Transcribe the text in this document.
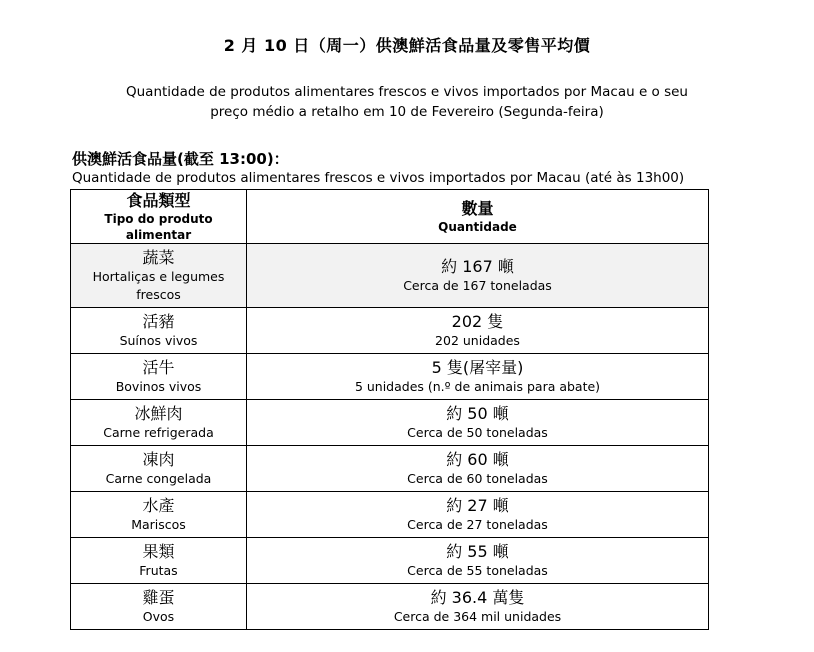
2 月 10 日（周一）供澳鮮活食品量及零售平均價
Quantidade de produtos alimentares frescos e vivos importados por Macau e o seu
preço médio a retalho em 10 de Fevereiro (Segunda-feira)
供澳鮮活食品量(截至 13:00)：
Quantidade de produtos alimentares frescos e vivos importados por Macau (até às 13h00)
食品類型
Tipo do produto alimentar	數量
Quantidade

蔬菜
Hortaliças e legumes frescos	約 167 噸
Cerca de 167 toneladas

活豬
Suínos vivos	202 隻
202 unidades

活牛
Bovinos vivos	5 隻(屠宰量)
5 unidades (n.º de animais para abate)

冰鮮肉
Carne refrigerada	約 50 噸
Cerca de 50 toneladas

凍肉
Carne congelada	約 60 噸
Cerca de 60 toneladas

水產
Mariscos	約 27 噸
Cerca de 27 toneladas

果類
Frutas	約 55 噸
Cerca de 55 toneladas

雞蛋
Ovos	約 36.4 萬隻
Cerca de 364 mil unidades
